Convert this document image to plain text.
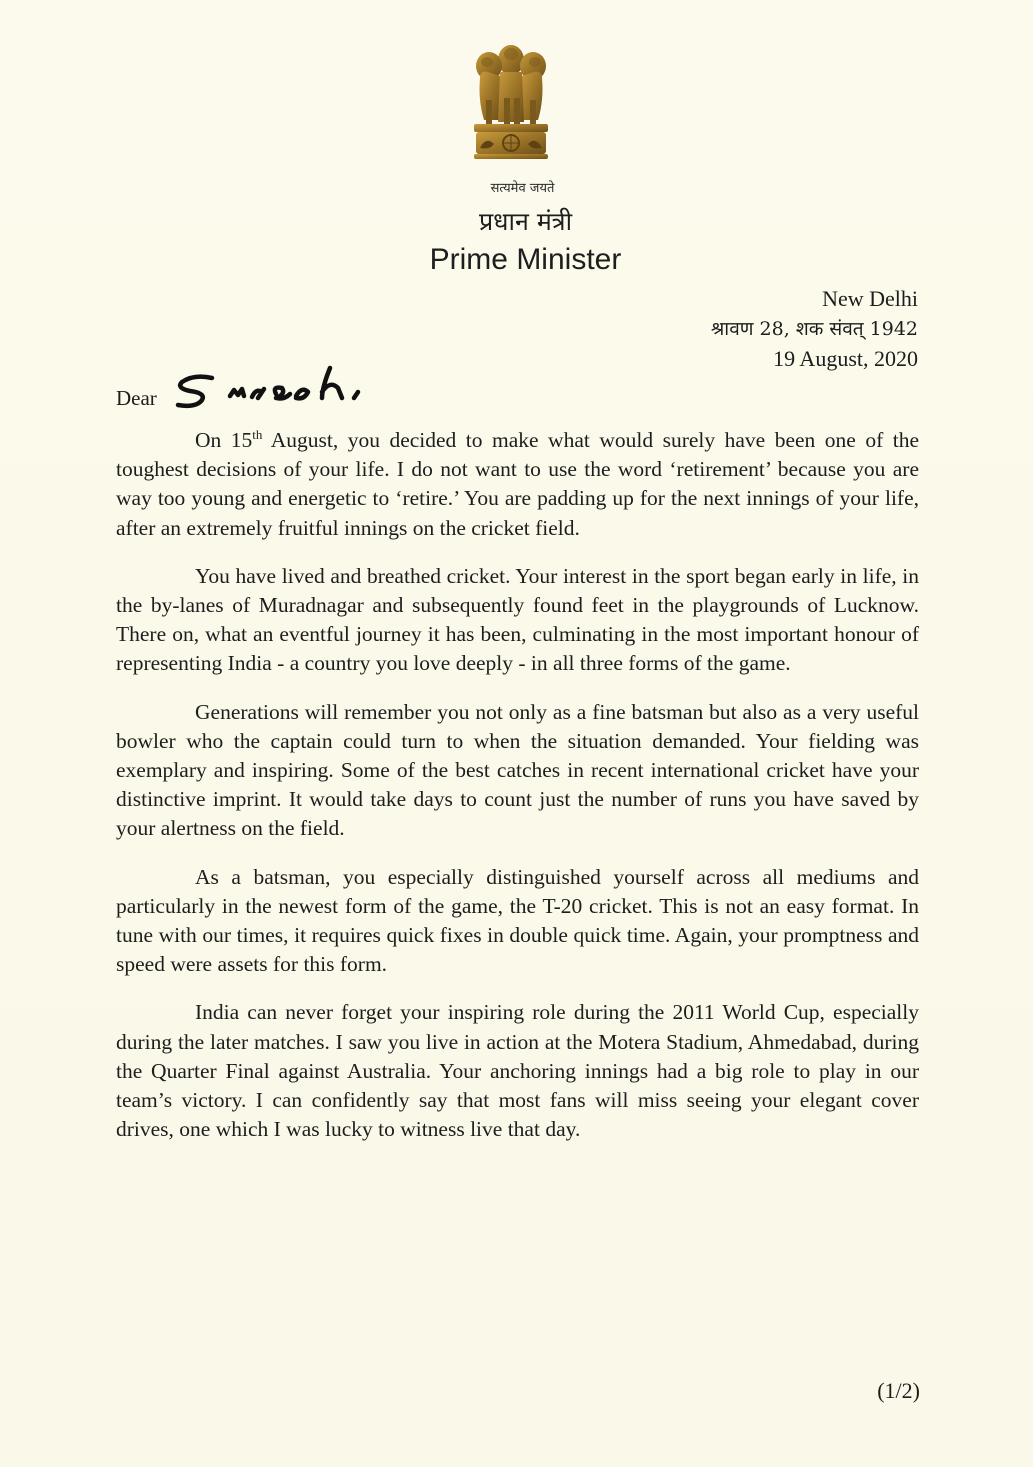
सत्यमेव जयते
प्रधान मंत्री
Prime Minister
New Delhi
श्रावण 28, शक संवत् 1942
19 August, 2020
Dear

On 15th August, you decided to make what would surely have been one of the toughest decisions of your life. I do not want to use the word ‘retirement’ because you are way too young and energetic to ‘retire.’ You are padding up for the next innings of your life, after an extremely fruitful innings on the cricket field.

You have lived and breathed cricket. Your interest in the sport began early in life, in the by-lanes of Muradnagar and subsequently found feet in the playgrounds of Lucknow. There on, what an eventful journey it has been, culminating in the most important honour of representing India - a country you love deeply - in all three forms of the game.

Generations will remember you not only as a fine batsman but also as a very useful bowler who the captain could turn to when the situation demanded. Your fielding was exemplary and inspiring. Some of the best catches in recent international cricket have your distinctive imprint. It would take days to count just the number of runs you have saved by your alertness on the field.

As a batsman, you especially distinguished yourself across all mediums and particularly in the newest form of the game, the T-20 cricket. This is not an easy format. In tune with our times, it requires quick fixes in double quick time. Again, your promptness and speed were assets for this form.

India can never forget your inspiring role during the 2011 World Cup, especially during the later matches. I saw you live in action at the Motera Stadium, Ahmedabad, during the Quarter Final against Australia. Your anchoring innings had a big role to play in our team’s victory. I can confidently say that most fans will miss seeing your elegant cover drives, one which I was lucky to witness live that day.

(1/2)
